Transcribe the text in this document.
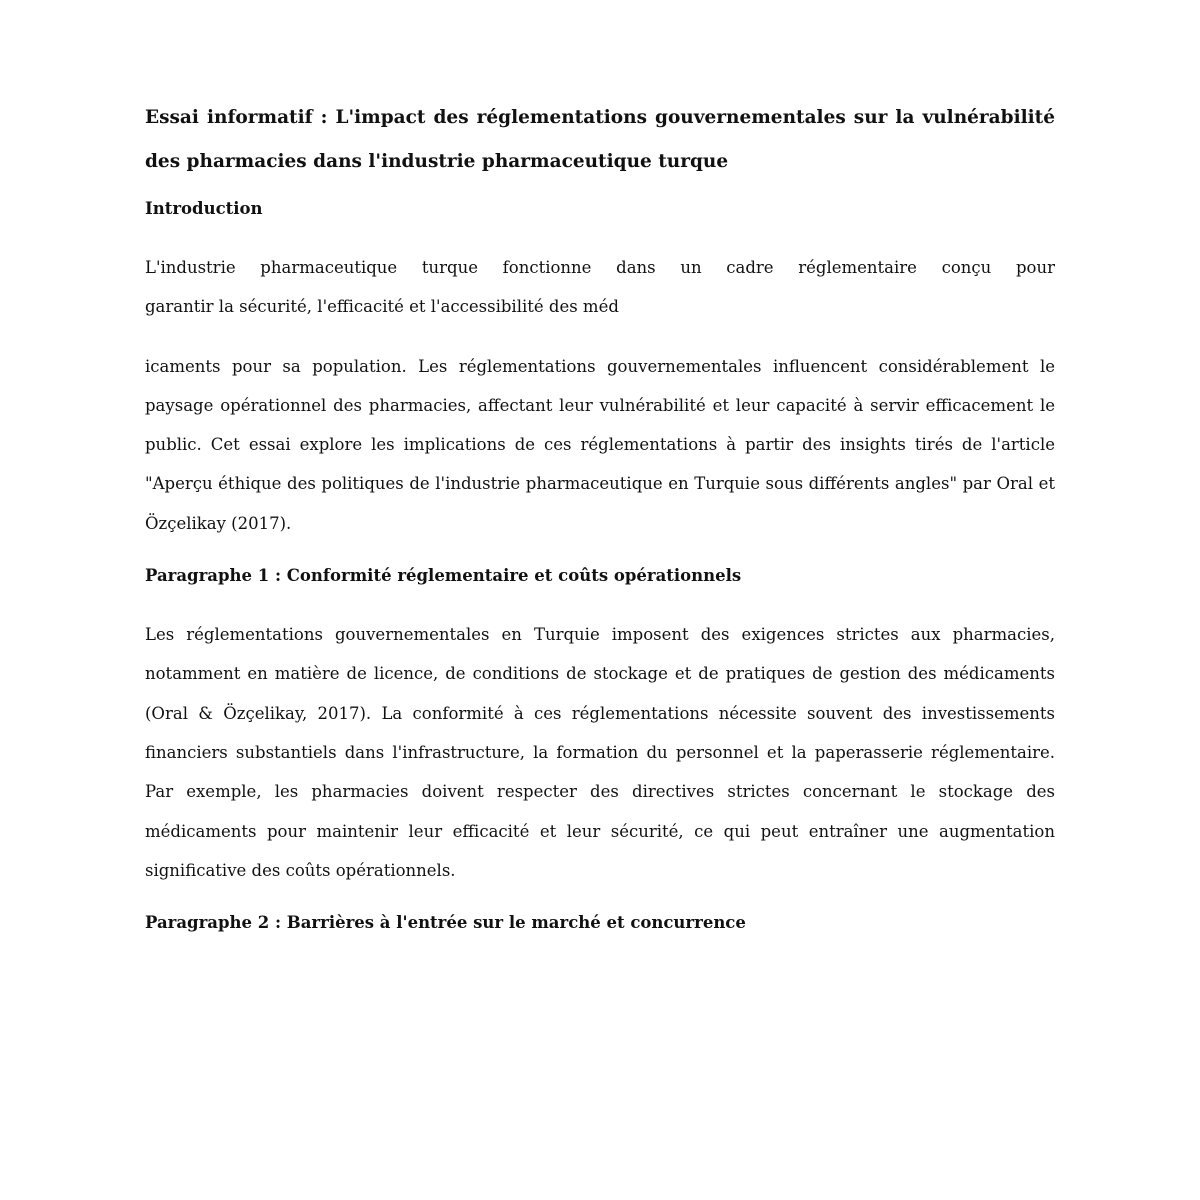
Essai informatif : L'impact des réglementations gouvernementales sur la vulnérabilité des pharmacies dans l'industrie pharmaceutique turque
Introduction

L'industrie pharmaceutique turque fonctionne dans un cadre réglementaire conçu pour
garantir la sécurité, l'efficacité et l'accessibilité des méd

icaments pour sa population. Les réglementations gouvernementales influencent considérablement le paysage opérationnel des pharmacies, affectant leur vulnérabilité et leur capacité à servir efficacement le public. Cet essai explore les implications de ces réglementations à partir des insights tirés de l'article "Aperçu éthique des politiques de l'industrie pharmaceutique en Turquie sous différents angles" par Oral et Özçelikay (2017).

Paragraphe 1 : Conformité réglementaire et coûts opérationnels

Les réglementations gouvernementales en Turquie imposent des exigences strictes aux pharmacies, notamment en matière de licence, de conditions de stockage et de pratiques de gestion des médicaments (Oral & Özçelikay, 2017). La conformité à ces réglementations nécessite souvent des investissements financiers substantiels dans l'infrastructure, la formation du personnel et la paperasserie réglementaire. Par exemple, les pharmacies doivent respecter des directives strictes concernant le stockage des médicaments pour maintenir leur efficacité et leur sécurité, ce qui peut entraîner une augmentation significative des coûts opérationnels.

Paragraphe 2 : Barrières à l'entrée sur le marché et concurrence
